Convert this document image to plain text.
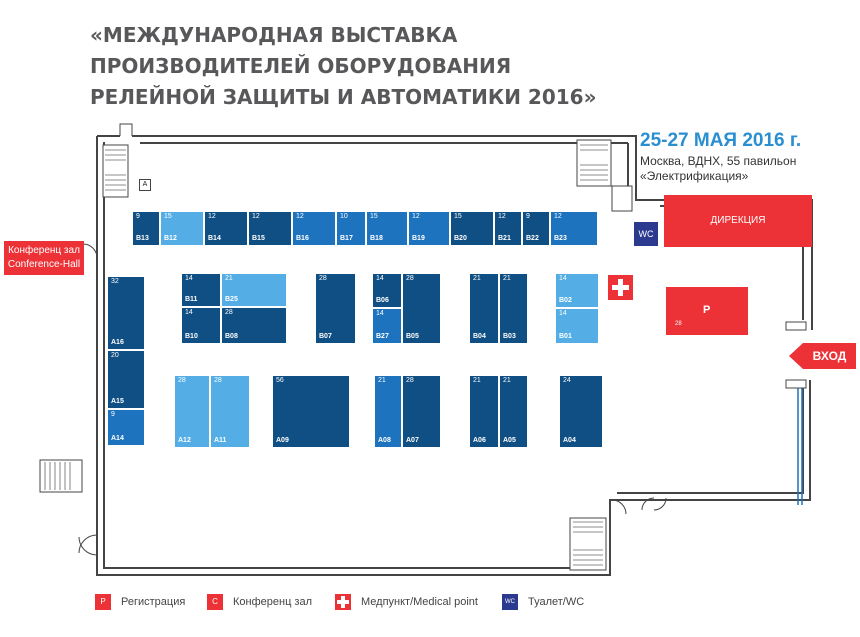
«МЕЖДУНАРОДНАЯ ВЫСТАВКА
ПРОИЗВОДИТЕЛЕЙ ОБОРУДОВАНИЯ
РЕЛЕЙНОЙ ЗАЩИТЫ И АВТОМАТИКИ 2016»
A
25-27 МАЯ 2016 г.
Москва, ВДНХ, 55 павильон
«Электрификация»
Конференц зал
Conference-Hall
WC
ДИРЕКЦИЯ
Р
28
ВХОД
9
B13
15
B12
12
B14
12
B15
12
B16
10
B17
15
B18
12
B19
15
B20
12
B21
9
B22
12
B23
32
A16
20
A15
9
A14
14
B11
21
B25
14
B10
28
B08
28
B07
14
B06
14
B27
28
B05
21
B04
21
B03
14
B02
14
B01
28
A12
28
A11
56
A09
21
A08
28
A07
21
A06
21
A05
24
A04
Р	Регистрация	С	Конференц зал	Медпункт/Medical point	WC Туалет/WC
